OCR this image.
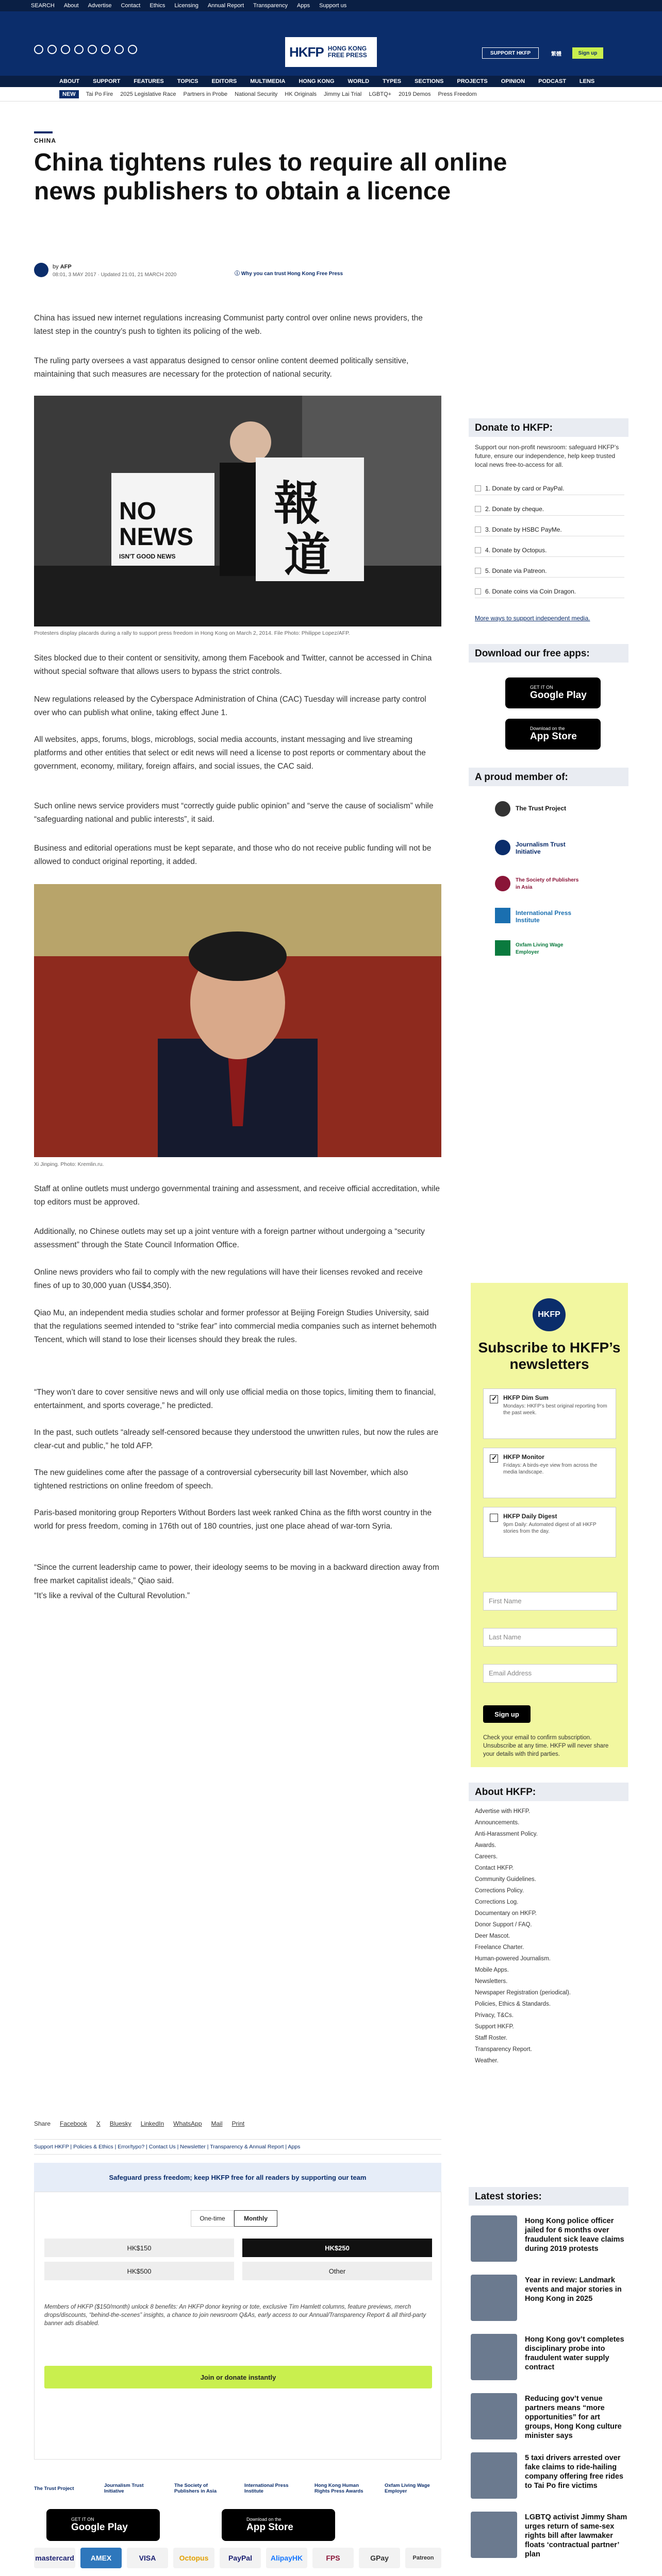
SEARCH About Advertise Contact Ethics Licensing Annual Report Transparency Apps Support us
HKFP HONG KONG
FREE PRESS	SUPPORT HKFP	繁體	Sign up
ABOUT SUPPORT FEATURES TOPICS EDITORS MULTIMEDIA HONG KONG WORLD TYPES SECTIONS PROJECTS OPINION PODCAST LENS
NEW	Tai Po Fire 2025 Legislative Race Partners in Probe National Security HK Originals Jimmy Lai Trial LGBTQ+ 2019 Demos Press Freedom
CHINA
China tightens rules to require all online news publishers to obtain a licence
by AFP
08:01, 3 MAY 2017 · Updated 21:01, 21 MARCH 2020	ⓘ Why you can trust Hong Kong Free Press

China has issued new internet regulations increasing Communist party control over online news providers, the latest step in the country’s push to tighten its policing of the web.

The ruling party oversees a vast apparatus designed to censor online content deemed politically sensitive, maintaining that such measures are necessary for the protection of national security.

報
道
NO NEWS
ISN'T GOOD NEWS
Protesters display placards during a rally to support press freedom in Hong Kong on March 2, 2014. File Photo: Philippe Lopez/AFP.

Sites blocked due to their content or sensitivity, among them Facebook and Twitter, cannot be accessed in China without special software that allows users to bypass the strict controls.

New regulations released by the Cyberspace Administration of China (CAC) Tuesday will increase party control over who can publish what online, taking effect June 1.

All websites, apps, forums, blogs, microblogs, social media accounts, instant messaging and live streaming platforms and other entities that select or edit news will need a license to post reports or commentary about the government, economy, military, foreign affairs, and social issues, the CAC said.

Such online news service providers must “correctly guide public opinion” and “serve the cause of socialism” while “safeguarding national and public interests”, it said.

Business and editorial operations must be kept separate, and those who do not receive public funding will not be allowed to conduct original reporting, it added.

Xi Jinping. Photo: Kremlin.ru.

Staff at online outlets must undergo governmental training and assessment, and receive official accreditation, while top editors must be approved.

Additionally, no Chinese outlets may set up a joint venture with a foreign partner without undergoing a “security assessment” through the State Council Information Office.

Online news providers who fail to comply with the new regulations will have their licenses revoked and receive fines of up to 30,000 yuan (US$4,350).

Qiao Mu, an independent media studies scholar and former professor at Beijing Foreign Studies University, said that the regulations seemed intended to “strike fear” into commercial media companies such as internet behemoth Tencent, which will stand to lose their licenses should they break the rules.

“They won’t dare to cover sensitive news and will only use official media on those topics, limiting them to financial, entertainment, and sports coverage,” he predicted.

In the past, such outlets “already self-censored because they understood the unwritten rules, but now the rules are clear-cut and public,” he told AFP.

The new guidelines come after the passage of a controversial cybersecurity bill last November, which also tightened restrictions on online freedom of speech.

Paris-based monitoring group Reporters Without Borders last week ranked China as the fifth worst country in the world for press freedom, coming in 176th out of 180 countries, just one place ahead of war-torn Syria.

“Since the current leadership came to power, their ideology seems to be moving in a backward direction away from free market capitalist ideals,” Qiao said.

“It’s like a revival of the Cultural Revolution.”

Share Facebook X Bluesky LinkedIn WhatsApp Mail Print
Support HKFP | Policies & Ethics | Error/typo? | Contact Us | Newsletter | Transparency & Annual Report | Apps
Safeguard press freedom; keep HKFP free for all readers by supporting our team
One-time	Monthly
HK$150	HK$250
HK$500	Other
Members of HKFP ($150/month) unlock 8 benefits: An HKFP donor keyring or tote, exclusive Tim Hamlett columns, feature previews, merch drops/discounts, “behind-the-scenes” insights, a chance to join newsroom Q&As, early access to our Annual/Transparency Report & all third-party banner ads disabled.
Join or donate instantly
The Trust Project	Journalism Trust Initiative
The Society of Publishers in Asia
International Press Institute
Hong Kong Human Rights Press Awards
Oxfam Living Wage Employer
GET IT ON
Google Play
Download on the
App Store
mastercard	AMEX	VISA	Octopus	PayPal	AlipayHK	FPS	GPay	Patreon

Donate to HKFP:
Support our non-profit newsroom: safeguard HKFP’s future, ensure our independence, help keep trusted local news free-to-access for all.
1. Donate by card or PayPal.
2. Donate by cheque.
3. Donate by HSBC PayMe.
4. Donate by Octopus.
5. Donate via Patreon.
6. Donate coins via Coin Dragon.
More ways to support independent media.
Download our free apps:
GET IT ON
Google Play
Download on the
App Store
A proud member of:
The Trust Project
Journalism Trust Initiative
The Society of Publishers in Asia
International Press Institute
Oxfam Living Wage Employer
HKFP
Subscribe to HKFP’s newsletters
✓
HKFP Dim Sum
Mondays: HKFP’s best original reporting from the past week.
✓
HKFP Monitor
Fridays: A birds-eye view from across the media landscape.
HKFP Daily Digest
9pm Daily: Automated digest of all HKFP stories from the day.
First Name
Last Name
Email Address
Sign up
Check your email to confirm subscription. Unsubscribe at any time. HKFP will never share your details with third parties.
About HKFP:
Advertise with HKFP.
Announcements.
Anti-Harassment Policy.
Awards.
Careers.
Contact HKFP.
Community Guidelines.
Corrections Policy.
Corrections Log.
Documentary on HKFP.
Donor Support / FAQ.
Deer Mascot.
Freelance Charter.
Human-powered Journalism.
Mobile Apps.
Newsletters.
Newspaper Registration (periodical).
Policies, Ethics & Standards.
Privacy, T&Cs.
Support HKFP.
Staff Roster.
Transparency Report.
Weather.
Latest stories:
Hong Kong police officer jailed for 6 months over fraudulent sick leave claims during 2019 protests
Year in review: Landmark events and major stories in Hong Kong in 2025
Hong Kong gov’t completes disciplinary probe into fraudulent water supply contract
Reducing gov’t venue partners means “more opportunities” for art groups, Hong Kong culture minister says
5 taxi drivers arrested over fake claims to ride-hailing company offering free rides to Tai Po fire victims
LGBTQ activist Jimmy Sham urges return of same-sex rights bill after lawmaker floats ‘contractual partner’ plan
